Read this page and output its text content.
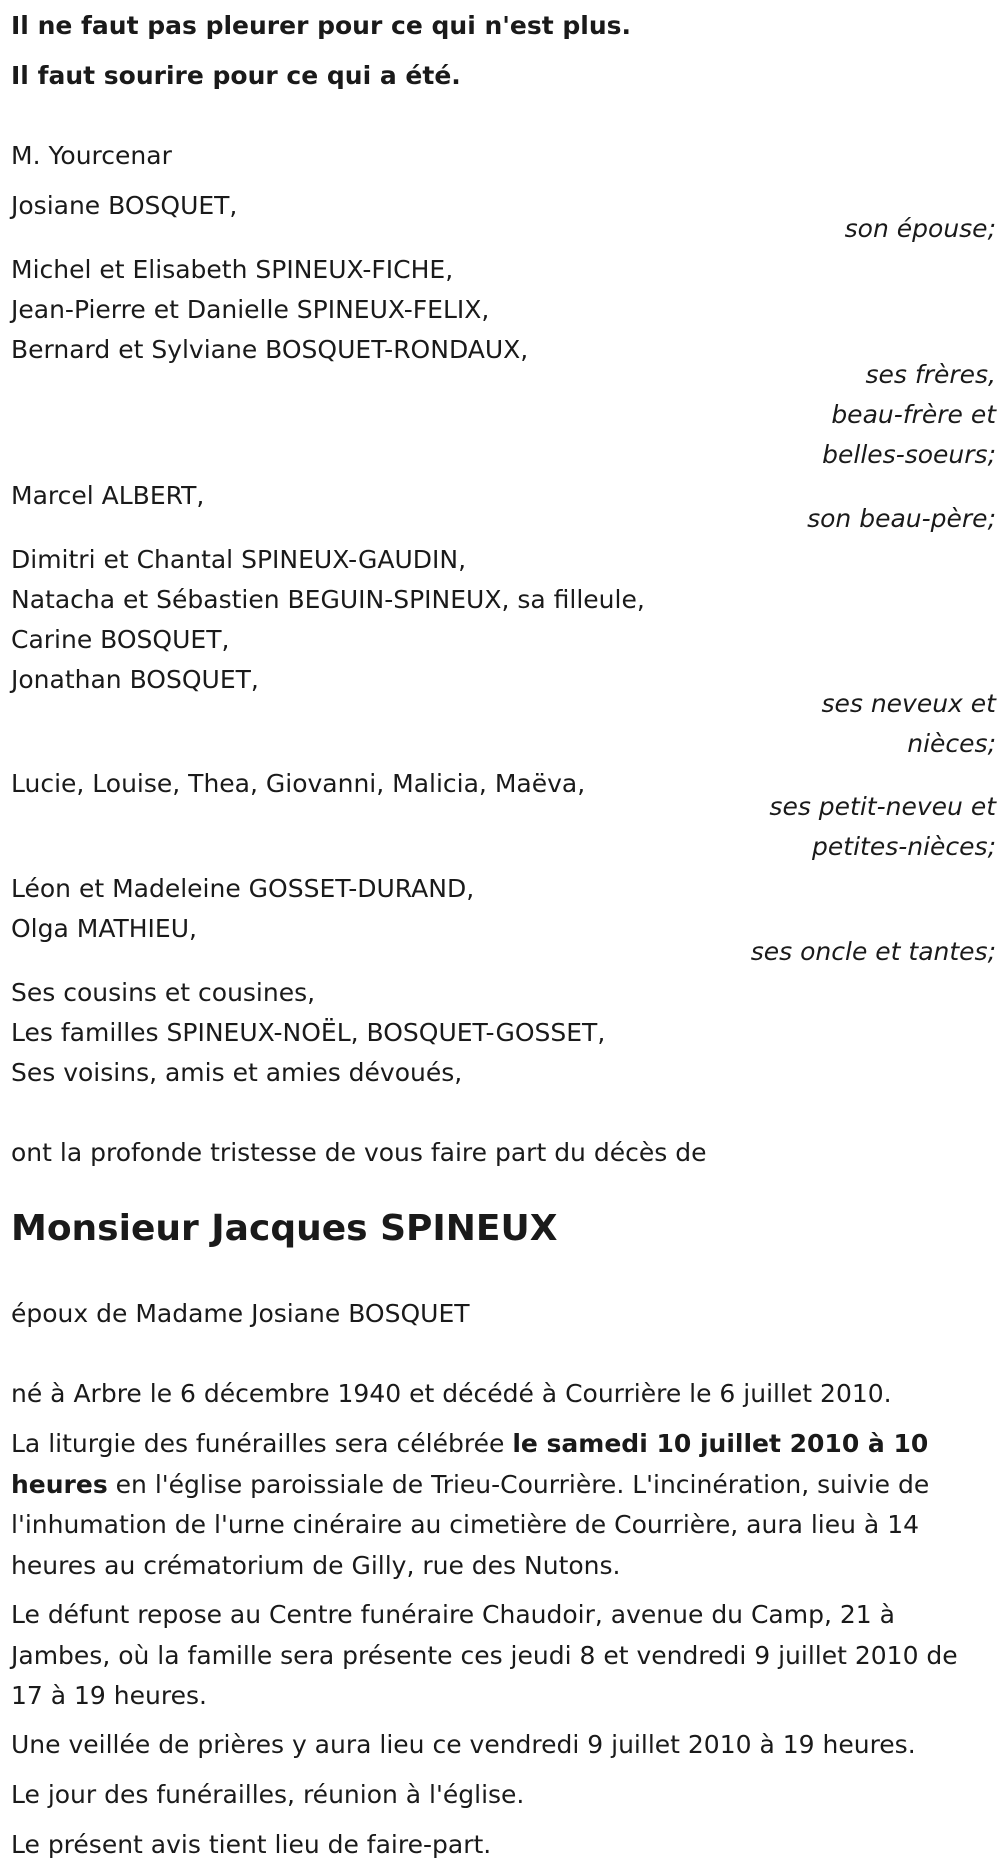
Il ne faut pas pleurer pour ce qui n'est plus.
Il faut sourire pour ce qui a été.
M. Yourcenar
Josiane BOSQUET,
son épouse;
Michel et Elisabeth SPINEUX-FICHE,
Jean-Pierre et Danielle SPINEUX-FELIX,
Bernard et Sylviane BOSQUET-RONDAUX,
ses frères,
beau-frère et
belles-soeurs;
Marcel ALBERT,
son beau-père;
Dimitri et Chantal SPINEUX-GAUDIN,
Natacha et Sébastien BEGUIN-SPINEUX, sa filleule,
Carine BOSQUET,
Jonathan BOSQUET,
ses neveux et
nièces;
Lucie, Louise, Thea, Giovanni, Malicia, Maëva,
ses petit-neveu et
petites-nièces;
Léon et Madeleine GOSSET-DURAND,
Olga MATHIEU,
ses oncle et tantes;
Ses cousins et cousines,
Les familles SPINEUX-NOËL, BOSQUET-GOSSET,
Ses voisins, amis et amies dévoués,
ont la profonde tristesse de vous faire part du décès de
Monsieur Jacques SPINEUX
époux de Madame Josiane BOSQUET
né à Arbre le 6 décembre 1940 et décédé à Courrière le 6 juillet 2010.
La liturgie des funérailles sera célébrée le samedi 10 juillet 2010 à 10 heures en l'église paroissiale de Trieu-Courrière. L'incinération, suivie de l'inhumation de l'urne cinéraire au cimetière de Courrière, aura lieu à 14 heures au crématorium de Gilly, rue des Nutons.
Le défunt repose au Centre funéraire Chaudoir, avenue du Camp, 21 à Jambes, où la famille sera présente ces jeudi 8 et vendredi 9 juillet 2010 de 17 à 19 heures.
Une veillée de prières y aura lieu ce vendredi 9 juillet 2010 à 19 heures.
Le jour des funérailles, réunion à l'église.
Le présent avis tient lieu de faire-part.
